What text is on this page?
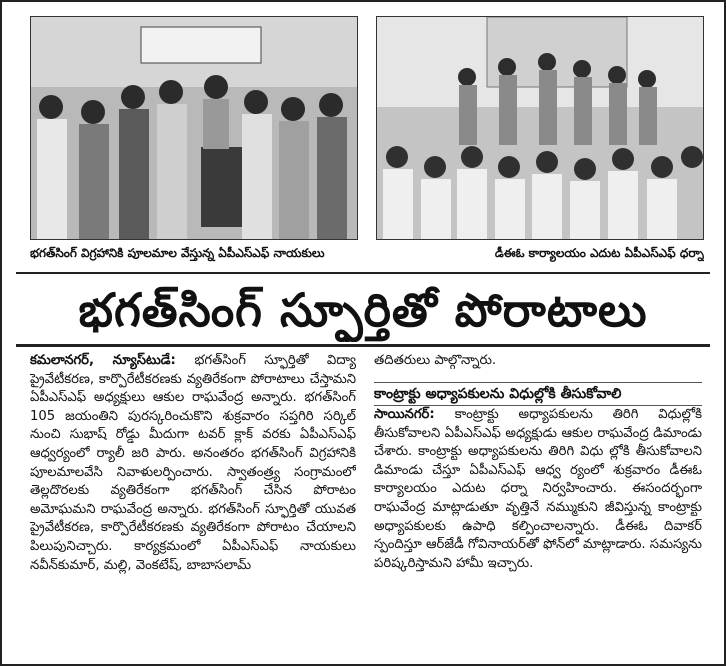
భగత్‌సింగ్ విగ్రహానికి పూలమాల వేస్తున్న ఏపీఎస్ఎఫ్ నాయకులు	డీఈఓ కార్యాలయం ఎదుట ఏపీఎస్ఎఫ్ ధర్నా
భగత్‌సింగ్ స్ఫూర్తితో పోరాటాలు
కమలానగర్, న్యూస్‌టుడే: భగత్‌సింగ్ స్ఫూర్తితో విద్యా ప్రైవేటీకరణ, కార్పొరేటీకరణకు వ్యతిరేకంగా పోరాటాలు చేస్తామని ఏపీఎస్ఎఫ్ అధ్యక్షులు ఆకుల రాఘవేంద్ర అన్నారు. భగత్‌సింగ్ 105 జయంతిని పురస్కరించుకొని శుక్రవారం సప్తగిరి సర్కిల్ నుంచి సుభాష్ రోడ్డు మీదుగా టవర్ క్లాక్ వరకు ఏపీఎస్ఎఫ్ ఆధ్వర్యంలో ర్యాలీ జరి పారు. అనంతరం భగత్‌సింగ్ విగ్రహానికి పూలమాలవేసి నివాళులర్పించారు. స్వాతంత్ర్య సంగ్రామంలో తెల్లదొరలకు వ్యతిరేకంగా భగత్‌సింగ్ చేసిన పోరాటం అమోఘమని రాఘవేంద్ర అన్నారు. భగత్‌సింగ్ స్ఫూర్తితో యువత ప్రైవేటీకరణ, కార్పొరేటీకరణకు వ్యతిరేకంగా పోరాటం చేయాలని పిలుపునిచ్చారు. కార్యక్రమంలో ఏపీఎస్ఎఫ్ నాయకులు నవీన్‌కుమార్, మల్లి, వెంకటేష్, బాబాసలామ్
తదితరులు పాల్గొన్నారు.
కాంట్రాక్టు అధ్యాపకులను విధుల్లోకి తీసుకోవాలి
సాయినగర్: కాంట్రాక్టు అధ్యాపకులను తిరిగి విధుల్లోకి తీసుకోవాలని ఏపీఎస్ఎఫ్ అధ్యక్షుడు ఆకుల రాఘవేంద్ర డిమాండు చేశారు. కాంట్రాక్టు అధ్యాపకులను తిరిగి విధు ల్లోకి తీసుకోవాలని డిమాండు చేస్తూ ఏపీఎస్ఎఫ్ ఆధ్వ ర్యంలో శుక్రవారం డీఈఓ కార్యాలయం ఎదుట ధర్నా నిర్వహించారు. ఈసందర్భంగా రాఘవేంద్ర మాట్లాడుతూ వృత్తినే నమ్ముకుని జీవిస్తున్న కాంట్రాక్టు అధ్యాపకులకు ఉపాధి కల్పించాలన్నారు. డీఈఓ దివాకర్ స్పందిస్తూ ఆర్‌జేడీ గోవినాయర్‌తో ఫోన్‌లో మాట్లాడారు. సమస్యను పరిష్కరిస్తామని హామీ ఇచ్చారు.
